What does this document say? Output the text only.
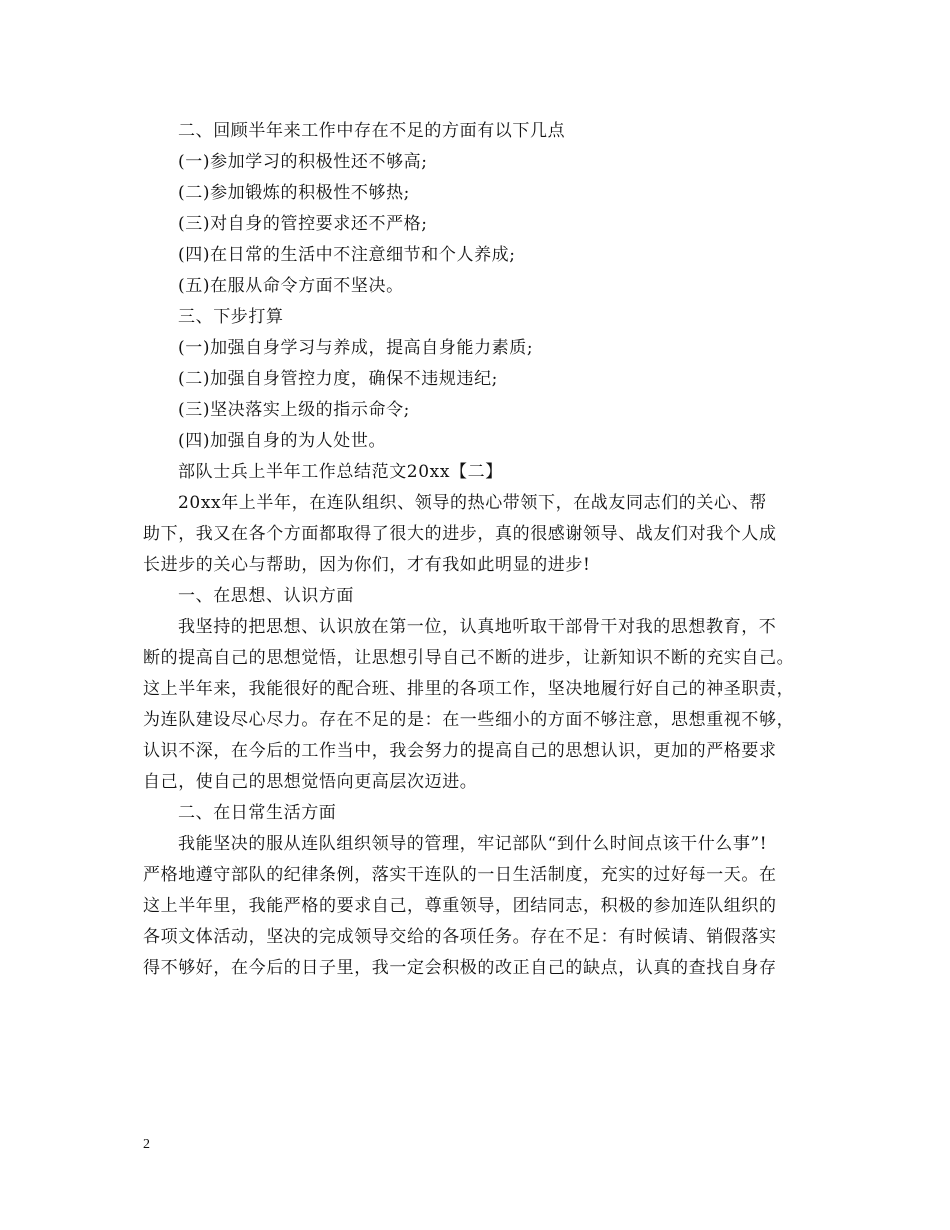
二、回顾半年来工作中存在不足的方面有以下几点
(一)参加学习的积极性还不够高;
(二)参加锻炼的积极性不够热;
(三)对自身的管控要求还不严格;
(四)在日常的生活中不注意细节和个人养成;
(五)在服从命令方面不坚决。
三、下步打算
(一)加强自身学习与养成，提高自身能力素质;
(二)加强自身管控力度，确保不违规违纪;
(三)坚决落实上级的指示命令;
(四)加强自身的为人处世。
部队士兵上半年工作总结范文20xx【二】
20xx年上半年，在连队组织、领导的热心带领下，在战友同志们的关心、帮
助下，我又在各个方面都取得了很大的进步，真的很感谢领导、战友们对我个人成
长进步的关心与帮助，因为你们，才有我如此明显的进步!
一、在思想、认识方面
我坚持的把思想、认识放在第一位，认真地听取干部骨干对我的思想教育，不
断的提高自己的思想觉悟，让思想引导自己不断的进步，让新知识不断的充实自己。
这上半年来，我能很好的配合班、排里的各项工作，坚决地履行好自己的神圣职责，
为连队建设尽心尽力。存在不足的是：在一些细小的方面不够注意，思想重视不够，
认识不深，在今后的工作当中，我会努力的提高自己的思想认识，更加的严格要求
自己，使自己的思想觉悟向更高层次迈进。
二、在日常生活方面
我能坚决的服从连队组织领导的管理，牢记部队“到什么时间点该干什么事”!
严格地遵守部队的纪律条例，落实干连队的一日生活制度，充实的过好每一天。在
这上半年里，我能严格的要求自己，尊重领导，团结同志，积极的参加连队组织的
各项文体活动，坚决的完成领导交给的各项任务。存在不足：有时候请、销假落实
得不够好，在今后的日子里，我一定会积极的改正自己的缺点，认真的查找自身存
2
